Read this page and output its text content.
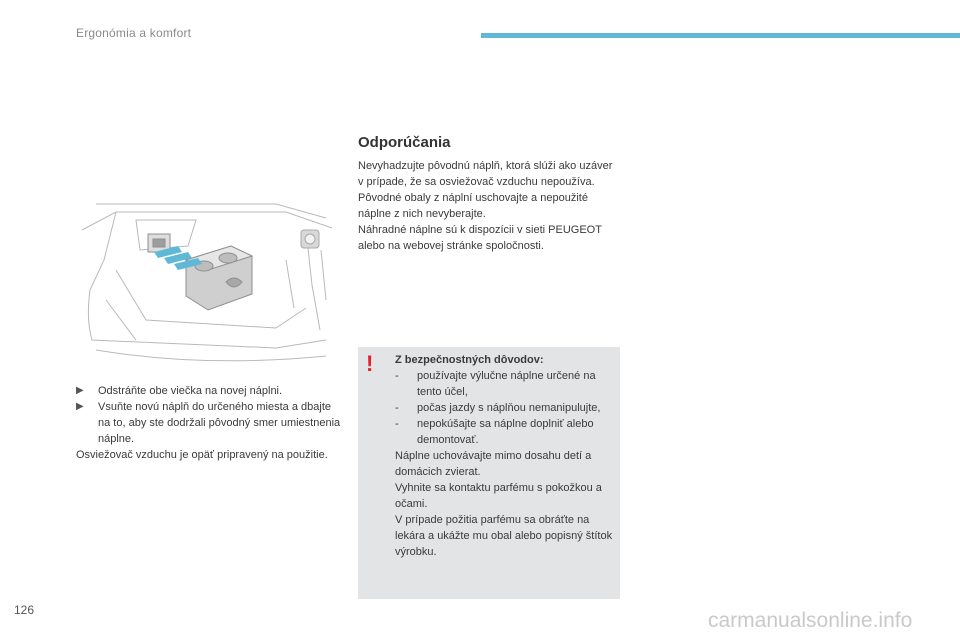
Ergonómia a komfort
Odporúčania

Nevyhadzujte pôvodnú náplň, ktorá slúži ako uzáver v prípade, že sa osviežovač vzduchu nepoužíva.

Pôvodné obaly z náplní uschovajte a nepoužité náplne z nich nevyberajte.

Náhradné náplne sú k dispozícii v sieti PEUGEOT alebo na webovej stránke spoločnosti.

▶ Odstráňte obe viečka na novej náplni.
▶ Vsuňte novú náplň do určeného miesta a dbajte na to, aby ste dodržali pôvodný smer umiestnenia náplne.

Osviežovač vzduchu je opäť pripravený na použitie.

! Z bezpečnostných dôvodov:
- používajte výlučne náplne určené na tento účel,
- počas jazdy s náplňou nemanipulujte,
- nepokúšajte sa náplne doplniť alebo demontovať.

Náplne uchovávajte mimo dosahu detí a domácich zvierat.

Vyhnite sa kontaktu parfému s pokožkou a očami.

V prípade požitia parfému sa obráťte na lekára a ukážte mu obal alebo popisný štítok výrobku.

126	carmanualsonline.info
